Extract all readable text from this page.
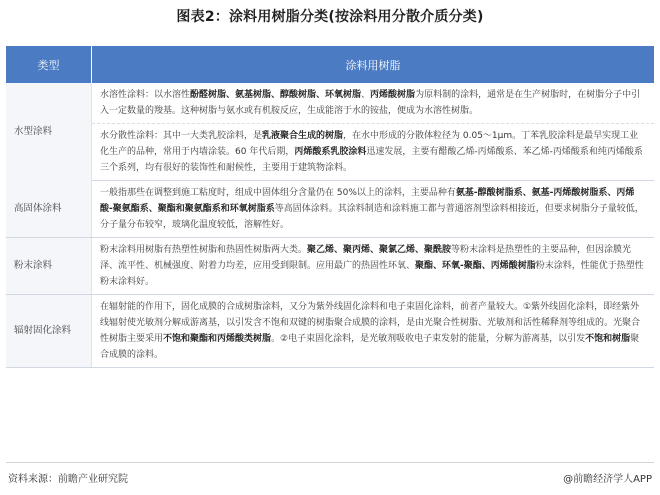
图表2：涂料用树脂分类(按涂料用分散介质分类)
类型	涂料用树脂
水型涂料	水溶性涂料：以水溶性酚醛树脂、氨基树脂、醇酸树脂、环氧树脂、丙烯酸树脂为原料制的涂料，通常是在生产树脂时，在树脂分子中引入一定数量的羧基。这种树脂与氨水或有机胺反应，生成能溶于水的铵盐，便成为水溶性树脂。
	水分散性涂料：其中一大类乳胶涂料，是乳液聚合生成的树脂，在水中形成的分散体粒径为 0.05～1μm。丁苯乳胶涂料是最早实现工业化生产的品种，常用于内墙涂装。60 年代后期，丙烯酸系乳胶涂料迅速发展，主要有醋酸乙烯-丙烯酸系、苯乙烯-丙烯酸系和纯丙烯酸系三个系列，均有很好的装饰性和耐候性，主要用于建筑物涂料。
高固体涂料	一般指那些在调整到施工粘度时，组成中固体组分含量仍在 50%以上的涂料，主要品种有氨基-醇酸树脂系、氨基-丙烯酸树脂系、丙烯酸-聚氨酯系、聚酯和聚氨酯系和环氧树脂系等高固体涂料。其涂料制造和涂料施工都与普通溶剂型涂料相接近，但要求树脂分子量较低，分子量分布较窄，玻璃化温度较低，溶解性好。
粉末涂料	粉末涂料用树脂有热塑性树脂和热固性树脂两大类。聚乙烯、聚丙烯、聚氯乙烯、聚酰胺等粉末涂料是热塑性的主要品种，但因涂膜光泽、流平性、机械强度、附着力均差，应用受到限制。应用最广的热固性环氧、聚酯、环氧-聚酯、丙烯酸树脂粉末涂料，性能优于热塑性粉末涂料好。
辐射固化涂料	在辐射能的作用下，固化成膜的合成树脂涂料，又分为紫外线固化涂料和电子束固化涂料，前者产量较大。①紫外线固化涂料，即经紫外线辐射使光敏剂分解成游离基，以引发含不饱和双键的树脂聚合成膜的涂料，是由光聚合性树脂、光敏剂和活性稀释剂等组成的。光聚合性树脂主要采用不饱和聚酯和丙烯酸类树脂。②电子束固化涂料，是光敏剂吸收电子束发射的能量，分解为游离基，以引发不饱和树脂聚合成膜的涂料。
资料来源：前瞻产业研究院	@前瞻经济学人APP
